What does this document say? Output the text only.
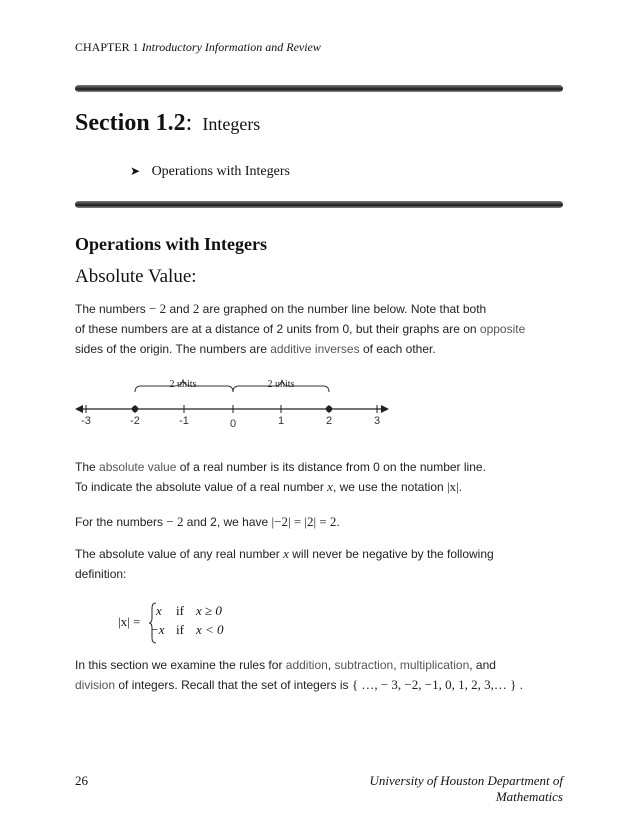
CHAPTER 1 Introductory Information and Review
Section 1.2: Integers
➤ Operations with Integers
Operations with Integers
Absolute Value:
The numbers − 2 and 2 are graphed on the number line below. Note that both
of these numbers are at a distance of 2 units from 0, but their graphs are on opposite
sides of the origin. The numbers are additive inverses of each other.
2 units	2 units
-3	-2	-1	0	1	2	3
The absolute value of a real number is its distance from 0 on the number line.
To indicate the absolute value of a real number x, we use the notation |x|.
For the numbers − 2 and 2, we have |−2| = |2| = 2.
The absolute value of any real number x will never be negative by the following
definition:
|x| =
x if x ≥ 0
−x if x < 0
In this section we examine the rules for addition, subtraction, multiplication, and
division of integers. Recall that the set of integers is { …, − 3, −2, −1, 0, 1, 2, 3,… } .
26	University of Houston Department of Mathematics
